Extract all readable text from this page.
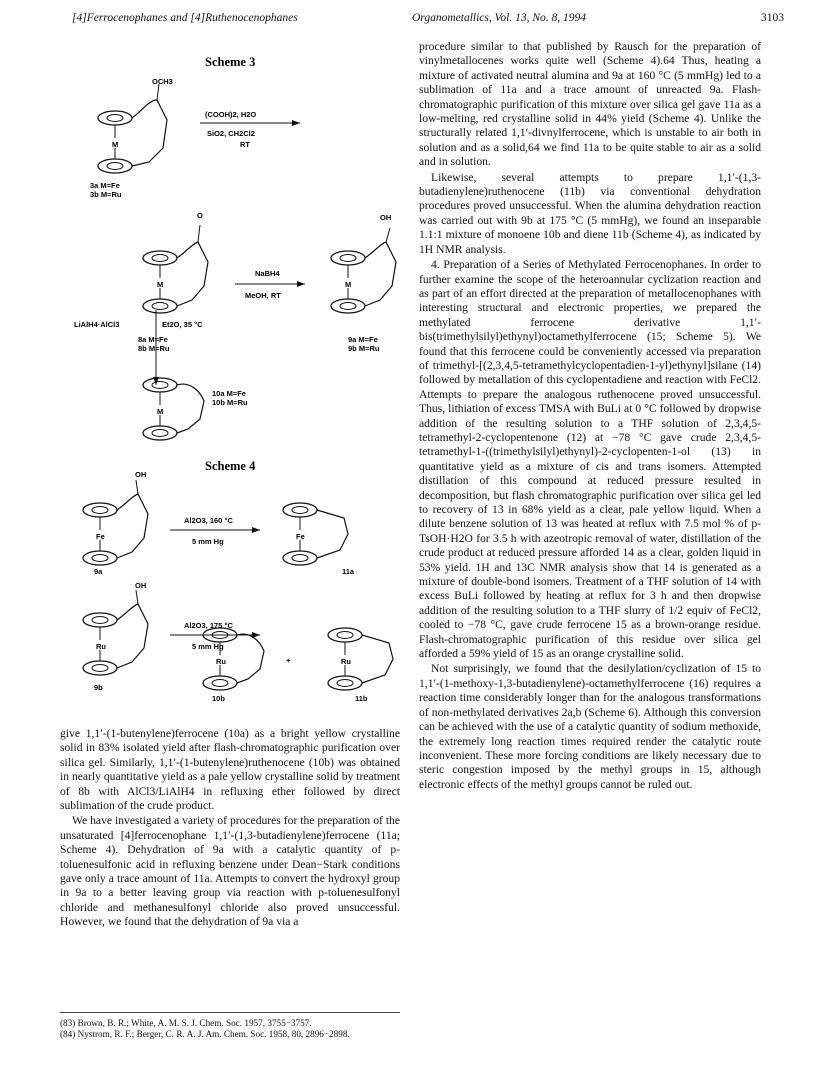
[4]Ferrocenophanes and [4]Ruthenocenophanes	Organometallics, Vol. 13, No. 8, 1994	3103
Scheme 3
M
OCH3
3a M=Fe
3b M=Ru
(COOH)2, H2O
SiO2, CH2Cl2
RT
M
O
8a M=Fe
8b M=Ru
NaBH4
MeOH, RT
M
OH
9a M=Fe
9b M=Ru
LiAlH4·AlCl3	Et2O, 35 °C
M
10a M=Fe
10b M=Ru
Scheme 4
Fe
OH
9a
Al2O3, 160 °C
5 mm Hg
Fe
11a
Ru
OH
9b
Al2O3, 175 °C
5 mm Hg
Ru	+	Ru
10b	11b

give 1,1′-(1-butenylene)ferrocene (10a) as a bright yellow crystalline solid in 83% isolated yield after flash-chromatographic purification over silica gel. Similarly, 1,1′-(1-butenylene)ruthenocene (10b) was obtained in nearly quantitative yield as a pale yellow crystalline solid by treatment of 8b with AlCl3/LiAlH4 in refluxing ether followed by direct sublimation of the crude product.

We have investigated a variety of procedures for the preparation of the unsaturated [4]ferrocenophane 1,1′-(1,3-butadienylene)ferrocene (11a; Scheme 4). Dehydration of 9a with a catalytic quantity of p-toluenesulfonic acid in refluxing benzene under Dean−Stark conditions gave only a trace amount of 11a. Attempts to convert the hydroxyl group in 9a to a better leaving group via reaction with p-toluenesulfonyl chloride and methanesulfonyl chloride also proved unsuccessful. However, we found that the dehydration of 9a via a

(83) Brown, B. R.; White, A. M. S. J. Chem. Soc. 1957, 3755−3757.
(84) Nystrom, R. F.; Berger, C. R. A. J. Am. Chem. Soc. 1958, 80, 2896−2898.

procedure similar to that published by Rausch for the preparation of vinylmetallocenes works quite well (Scheme 4).64 Thus, heating a mixture of activated neutral alumina and 9a at 160 °C (5 mmHg) led to a sublimation of 11a and a trace amount of unreacted 9a. Flash-chromatographic purification of this mixture over silica gel gave 11a as a low-melting, red crystalline solid in 44% yield (Scheme 4). Unlike the structurally related 1,1′-divnylferrocene, which is unstable to air both in solution and as a solid,64 we find 11a to be quite stable to air as a solid and in solution.

Likewise, several attempts to prepare 1,1′-(1,3-butadienylene)ruthenocene (11b) via conventional dehydration procedures proved unsuccessful. When the alumina dehydration reaction was carried out with 9b at 175 °C (5 mmHg), we found an inseparable 1.1:1 mixture of monoene 10b and diene 11b (Scheme 4), as indicated by 1H NMR analysis.

4. Preparation of a Series of Methylated Ferrocenophanes. In order to further examine the scope of the heteroannular cyclization reaction and as part of an effort directed at the preparation of metallocenophanes with interesting structural and electronic properties, we prepared the methylated ferrocene derivative 1,1′-bis(trimethylsilyl)ethynyl)octamethylferrocene (15; Scheme 5). We found that this ferrocene could be conveniently accessed via preparation of trimethyl-[(2,3,4,5-tetramethylcyclopentadien-1-yl)ethynyl]silane (14) followed by metallation of this cyclopentadiene and reaction with FeCl2. Attempts to prepare the analogous ruthenocene proved unsuccessful. Thus, lithiation of excess TMSA with BuLi at 0 °C followed by dropwise addition of the resulting solution to a THF solution of 2,3,4,5-tetramethyl-2-cyclopentenone (12) at −78 °C gave crude 2,3,4,5-tetramethyl-1-((trimethylsilyl)ethynyl)-2-cyclopenten-1-ol (13) in quantitative yield as a mixture of cis and trans isomers. Attempted distillation of this compound at reduced pressure resulted in decomposition, but flash chromatographic purification over silica gel led to recovery of 13 in 68% yield as a clear, pale yellow liquid. When a dilute benzene solution of 13 was heated at reflux with 7.5 mol % of p-TsOH·H2O for 3.5 h with azeotropic removal of water, distillation of the crude product at reduced pressure afforded 14 as a clear, golden liquid in 53% yield. 1H and 13C NMR analysis show that 14 is generated as a mixture of double-bond isomers. Treatment of a THF solution of 14 with excess BuLi followed by heating at reflux for 3 h and then dropwise addition of the resulting solution to a THF slurry of 1/2 equiv of FeCl2, cooled to −78 °C, gave crude ferrocene 15 as a brown-orange residue. Flash-chromatographic purification of this residue over silica gel afforded a 59% yield of 15 as an orange crystalline solid.

Not surprisingly, we found that the desilylation/cyclization of 15 to 1,1′-(1-methoxy-1,3-butadienylene)-octamethylferrocene (16) requires a reaction time considerably longer than for the analogous transformations of non-methylated derivatives 2a,b (Scheme 6). Although this conversion can be achieved with the use of a catalytic quantity of sodium methoxide, the extremely long reaction times required render the catalytic route inconvenient. These more forcing conditions are likely necessary due to steric congestion imposed by the methyl groups in 15, although electronic effects of the methyl groups cannot be ruled out.
